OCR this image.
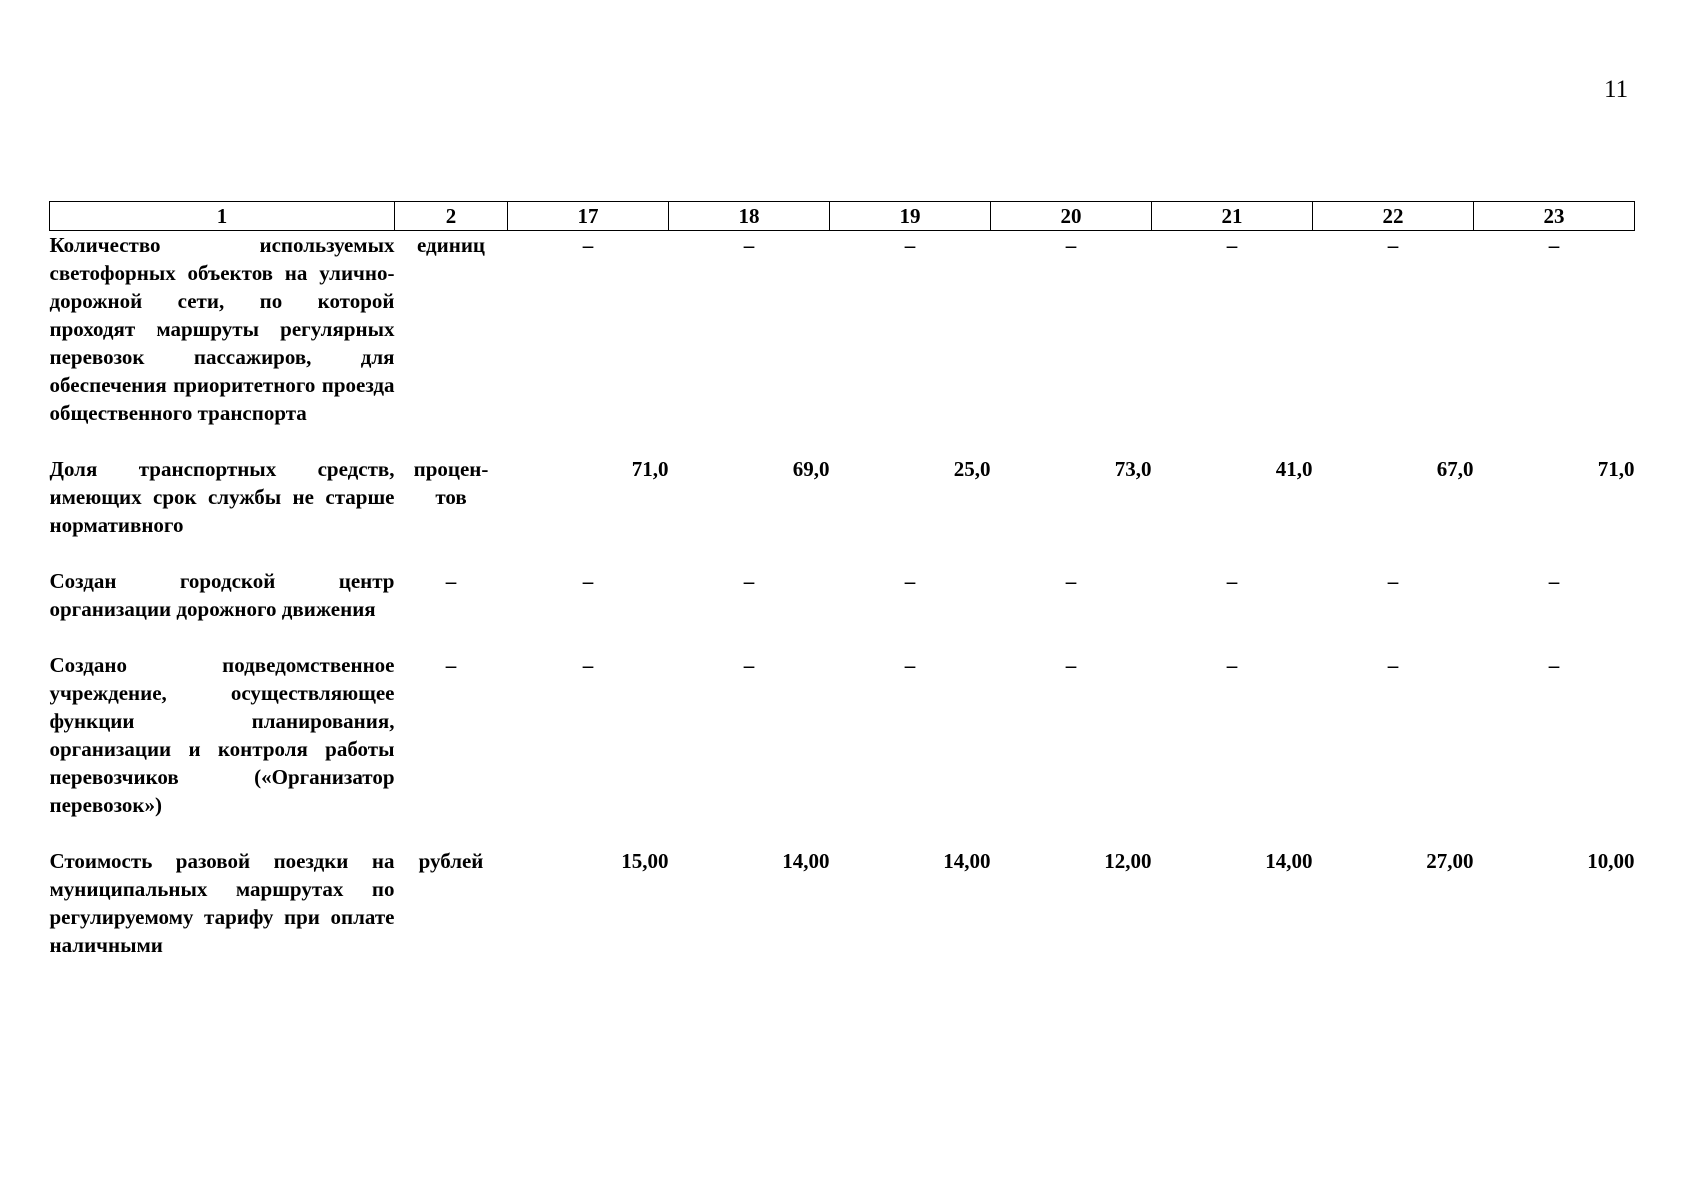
11
1	2	17	18	19	20	21	22	23
Количество используемых светофорных объектов на улично-дорожной сети, по которой проходят маршруты регулярных перевозок пассажиров, для обеспечения приоритетного проезда общественного транспорта	единиц	–	–	–	–	–	–	–

Доля транспортных средств, имеющих срок службы не старше нормативного	процен-
тов	71,0	69,0	25,0	73,0	41,0	67,0	71,0

Создан городской центр организации дорожного движения	–	–	–	–	–	–	–	–

Создано подведомственное учреждение, осуществляющее функции планирования, организации и контроля работы перевозчиков («Организатор перевозок»)	–	–	–	–	–	–	–	–

Стоимость разовой поездки на муниципальных маршрутах по регулируемому тарифу при оплате наличными	рублей	15,00	14,00	14,00	12,00	14,00	27,00	10,00
